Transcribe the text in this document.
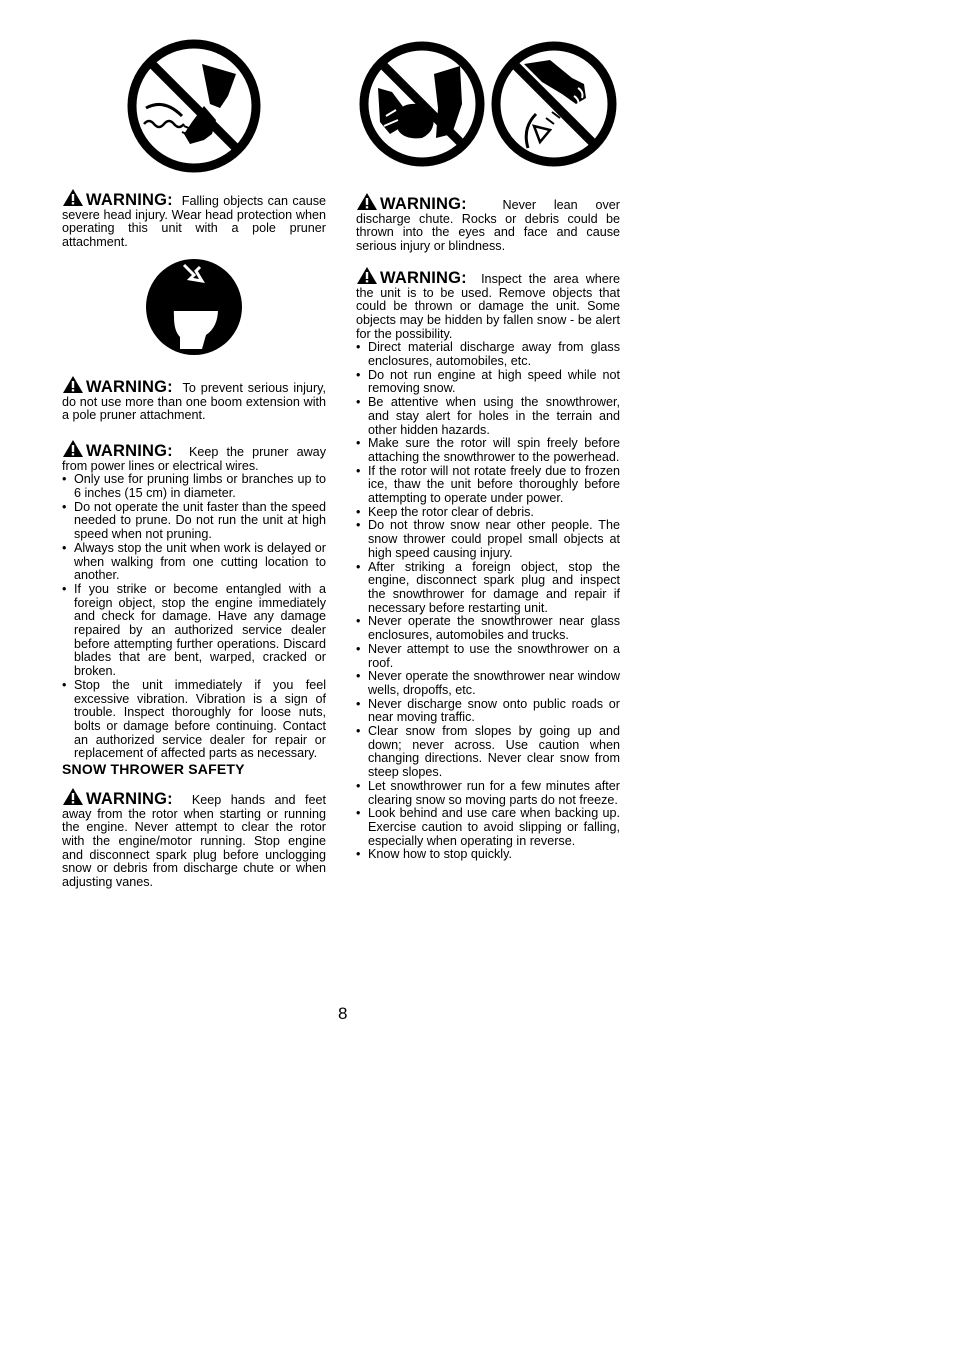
WARNING: Falling objects can cause severe head injury. Wear head protection when operating this unit with a pole pruner attachment.

WARNING: To prevent serious injury, do not use more than one boom extension with a pole pruner attachment.

WARNING: Keep the pruner away from power lines or electrical wires.

• Only use for pruning limbs or branches up to 6 inches (15 cm) in diameter.
• Do not operate the unit faster than the speed needed to prune. Do not run the unit at high speed when not pruning.
• Always stop the unit when work is delayed or when walking from one cutting location to another.
• If you strike or become entangled with a foreign object, stop the engine immediately and check for damage. Have any damage repaired by an authorized service dealer before attempting further operations. Discard blades that are bent, warped, cracked or broken.
• Stop the unit immediately if you feel excessive vibration. Vibration is a sign of trouble. Inspect thoroughly for loose nuts, bolts or damage before continuing. Contact an authorized service dealer for repair or replacement of affected parts as necessary.
SNOW THROWER SAFETY

WARNING: Keep hands and feet away from the rotor when starting or running the engine. Never attempt to clear the rotor with the engine/motor running. Stop engine and disconnect spark plug before unclogging snow or debris from discharge chute or when adjusting vanes.

WARNING:	Never lean over discharge chute. Rocks or debris could be thrown into the eyes and face and cause serious injury or blindness.

WARNING: Inspect the area where the unit is to be used. Remove objects that could be thrown or damage the unit. Some objects may be hidden by fallen snow - be alert for the possibility.

• Direct material discharge away from glass enclosures, automobiles, etc.
• Do not run engine at high speed while not removing snow.
• Be attentive when using the snowthrower, and stay alert for holes in the terrain and other hidden hazards.
• Make sure the rotor will spin freely before attaching the snowthrower to the powerhead.
• If the rotor will not rotate freely due to frozen ice, thaw the unit before thoroughly before attempting to operate under power.
• Keep the rotor clear of debris.
• Do not throw snow near other people. The snow thrower could propel small objects at high speed causing injury.
• After striking a foreign object, stop the engine, disconnect spark plug and inspect the snowthrower for damage and repair if necessary before restarting unit.
• Never operate the snowthrower near glass enclosures, automobiles and trucks.
• Never attempt to use the snowthrower on a roof.
• Never operate the snowthrower near window wells, dropoffs, etc.
• Never discharge snow onto public roads or near moving traffic.
• Clear snow from slopes by going up and down; never across. Use caution when changing directions. Never clear snow from steep slopes.
• Let snowthrower run for a few minutes after clearing snow so moving parts do not freeze.
• Look behind and use care when backing up. Exercise caution to avoid slipping or falling, especially when operating in reverse.
• Know how to stop quickly.
8
